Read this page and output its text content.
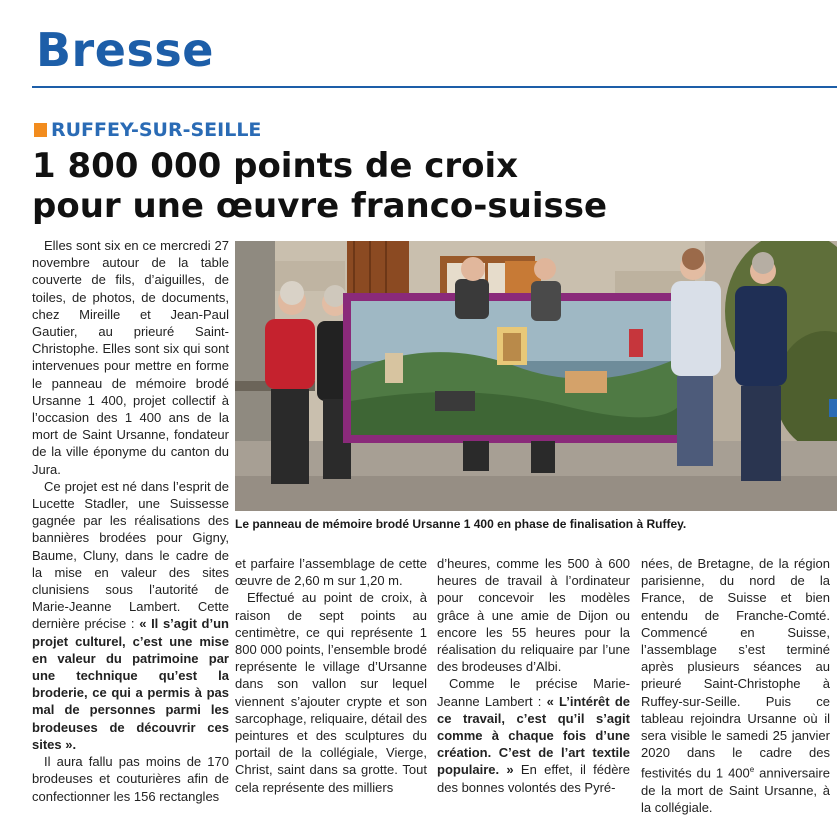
Bresse
RUFFEY-SUR-SEILLE
1 800 000 points de croix
pour une œuvre franco-suisse

Elles sont six en ce mercredi 27 novembre autour de la table couverte de fils, d’aiguilles, de toiles, de photos, de documents, chez Mireille et Jean-Paul Gautier, au prieuré Saint-Christophe. Elles sont six qui sont intervenues pour mettre en forme le panneau de mémoire brodé Ursanne 1 400, projet collectif à l’occasion des 1 400 ans de la mort de Saint Ursanne, fondateur de la ville éponyme du canton du Jura.

Ce projet est né dans l’esprit de Lucette Stadler, une Suissesse gagnée par les réalisations des bannières brodées pour Gigny, Baume, Cluny, dans le cadre de la mise en valeur des sites clunisiens sous l’autorité de Marie-Jeanne Lambert. Cette dernière précise : « Il s’agit d’un projet culturel, c’est une mise en valeur du patrimoine par une technique qu’est la broderie, ce qui a permis à pas mal de personnes parmi les brodeuses de découvrir ces sites ».

Il aura fallu pas moins de 170 brodeuses et couturières afin de confectionner les 156 rectangles

Le panneau de mémoire brodé Ursanne 1 400 en phase de finalisation à Ruffey.

et parfaire l’assemblage de cette œuvre de 2,60 m sur 1,20 m.

Effectué au point de croix, à raison de sept points au centimètre, ce qui représente 1 800 000 points, l’ensemble brodé représente le village d’Ursanne dans son vallon sur lequel viennent s’ajouter crypte et son sarcophage, reliquaire, détail des peintures et des sculptures du portail de la collégiale, Vierge, Christ, saint dans sa grotte. Tout cela représente des milliers

d’heures, comme les 500 à 600 heures de travail à l’ordinateur pour concevoir les modèles grâce à une amie de Dijon ou encore les 55 heures pour la réalisation du reliquaire par l’une des brodeuses d’Albi.

Comme le précise Marie-Jeanne Lambert : « L’intérêt de ce travail, c’est qu’il s’agit comme à chaque fois d’une création. C’est de l’art textile populaire. » En effet, il fédère des bonnes volontés des Pyré-

nées, de Bretagne, de la région parisienne, du nord de la France, de Suisse et bien entendu de Franche-Comté. Commencé en Suisse, l’assemblage s’est terminé après plusieurs séances au prieuré Saint-Christophe à Ruffey-sur-Seille. Puis ce tableau rejoindra Ursanne où il sera visible le samedi 25 janvier 2020 dans le cadre des festivités du 1 400e anniversaire de la mort de Saint Ursanne, à la collégiale.
